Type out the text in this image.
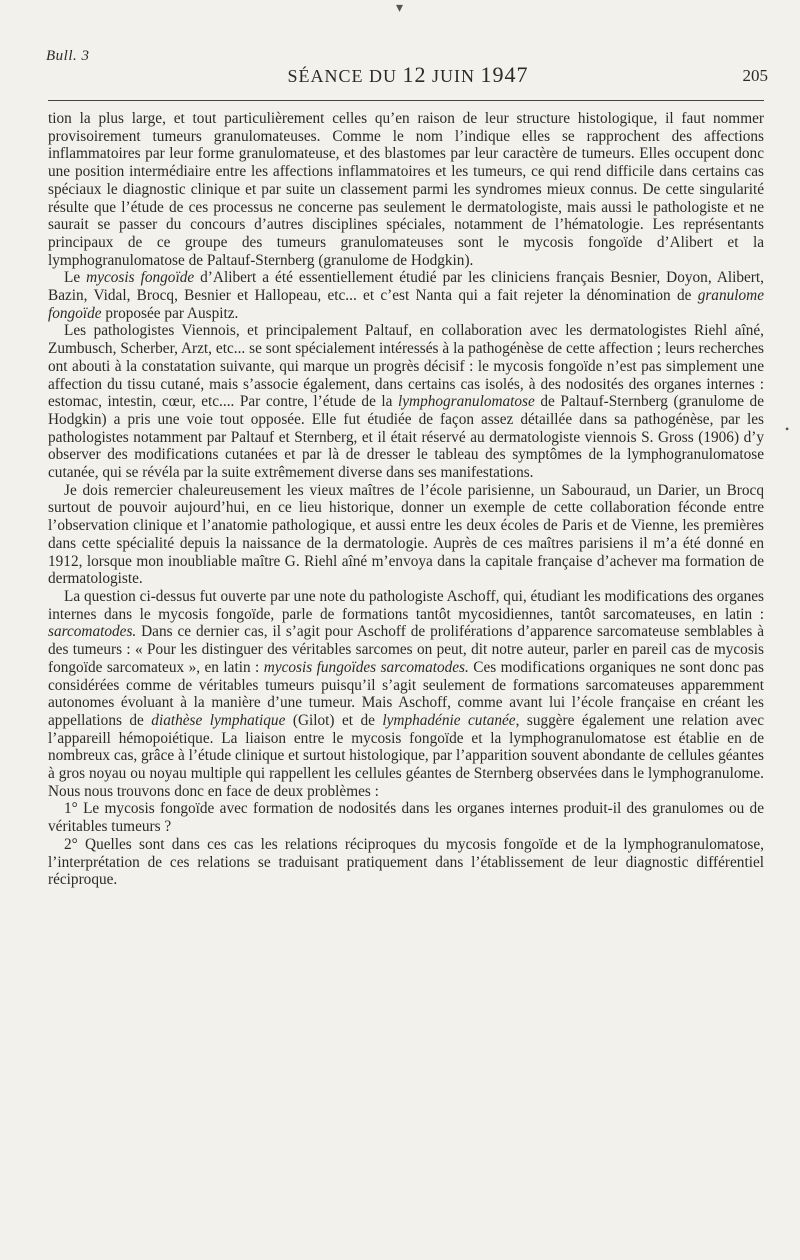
Bull. 3
SÉANCE DU 12 JUIN 1947	205

tion la plus large, et tout particulièrement celles qu’en raison de leur structure histologique, il faut nommer provisoirement tumeurs granulomateuses. Comme le nom l’indique elles se rapprochent des affections inflammatoires par leur forme granulomateuse, et des blastomes par leur caractère de tumeurs. Elles occupent donc une position intermédiaire entre les affections inflammatoires et les tumeurs, ce qui rend difficile dans certains cas spéciaux le diagnostic clinique et par suite un classement parmi les syndromes mieux connus. De cette singularité résulte que l’étude de ces processus ne concerne pas seulement le dermatologiste, mais aussi le pathologiste et ne saurait se passer du concours d’autres disciplines spéciales, notamment de l’hématologie. Les représentants principaux de ce groupe des tumeurs granulomateuses sont le mycosis fongoïde d’Alibert et la lymphogranulomatose de Paltauf-Sternberg (granulome de Hodgkin).

Le mycosis fongoïde d’Alibert a été essentiellement étudié par les cliniciens français Besnier, Doyon, Alibert, Bazin, Vidal, Brocq, Besnier et Hallopeau, etc... et c’est Nanta qui a fait rejeter la dénomination de granulome fongoïde proposée par Auspitz.

Les pathologistes Viennois, et principalement Paltauf, en collaboration avec les dermatologistes Riehl aîné, Zumbusch, Scherber, Arzt, etc... se sont spécialement intéressés à la pathogénèse de cette affection ; leurs recherches ont abouti à la constatation suivante, qui marque un progrès décisif : le mycosis fongoïde n’est pas simplement une affection du tissu cutané, mais s’associe également, dans certains cas isolés, à des nodosités des organes internes : estomac, intestin, cœur, etc.... Par contre, l’étude de la lymphogranulomatose de Paltauf-Sternberg (granulome de Hodgkin) a pris une voie tout opposée. Elle fut étudiée de façon assez détaillée dans sa pathogénèse, par les pathologistes notamment par Paltauf et Sternberg, et il était réservé au dermatologiste viennois S. Gross (1906) d’y observer des modifications cutanées et par là de dresser le tableau des symptômes de la lymphogranulomatose cutanée, qui se révéla par la suite extrêmement diverse dans ses manifestations.

Je dois remercier chaleureusement les vieux maîtres de l’école parisienne, un Sabouraud, un Darier, un Brocq surtout de pouvoir aujourd’hui, en ce lieu historique, donner un exemple de cette collaboration féconde entre l’observation clinique et l’anatomie pathologique, et aussi entre les deux écoles de Paris et de Vienne, les premières dans cette spécialité depuis la naissance de la dermatologie. Auprès de ces maîtres parisiens il m’a été donné en 1912, lorsque mon inoubliable maître G. Riehl aîné m’envoya dans la capitale française d’achever ma formation de dermatologiste.

La question ci-dessus fut ouverte par une note du pathologiste Aschoff, qui, étudiant les modifications des organes internes dans le mycosis fongoïde, parle de formations tantôt mycosidiennes, tantôt sarcomateuses, en latin : sarcomatodes. Dans ce dernier cas, il s’agit pour Aschoff de proliférations d’apparence sarcomateuse semblables à des tumeurs : « Pour les distinguer des véritables sarcomes on peut, dit notre auteur, parler en pareil cas de mycosis fongoïde sarcomateux », en latin : mycosis fungoïdes sarcomatodes. Ces modifications organiques ne sont donc pas considérées comme de véritables tumeurs puisqu’il s’agit seulement de formations sarcomateuses apparemment autonomes évoluant à la manière d’une tumeur. Mais Aschoff, comme avant lui l’école française en créant les appellations de diathèse lymphatique (Gilot) et de lymphadénie cutanée, suggère également une relation avec l’appareill hémopoiétique. La liaison entre le mycosis fongoïde et la lymphogranulomatose est établie en de nombreux cas, grâce à l’étude clinique et surtout histologique, par l’apparition souvent abondante de cellules géantes à gros noyau ou noyau multiple qui rappellent les cellules géantes de Sternberg observées dans le lymphogranulome. Nous nous trouvons donc en face de deux problèmes :

1° Le mycosis fongoïde avec formation de nodosités dans les organes internes produit-il des granulomes ou de véritables tumeurs ?

2° Quelles sont dans ces cas les relations réciproques du mycosis fongoïde et de la lymphogranulomatose, l’interprétation de ces relations se traduisant pratiquement dans l’établissement de leur diagnostic différentiel réciproque.

•
▾
